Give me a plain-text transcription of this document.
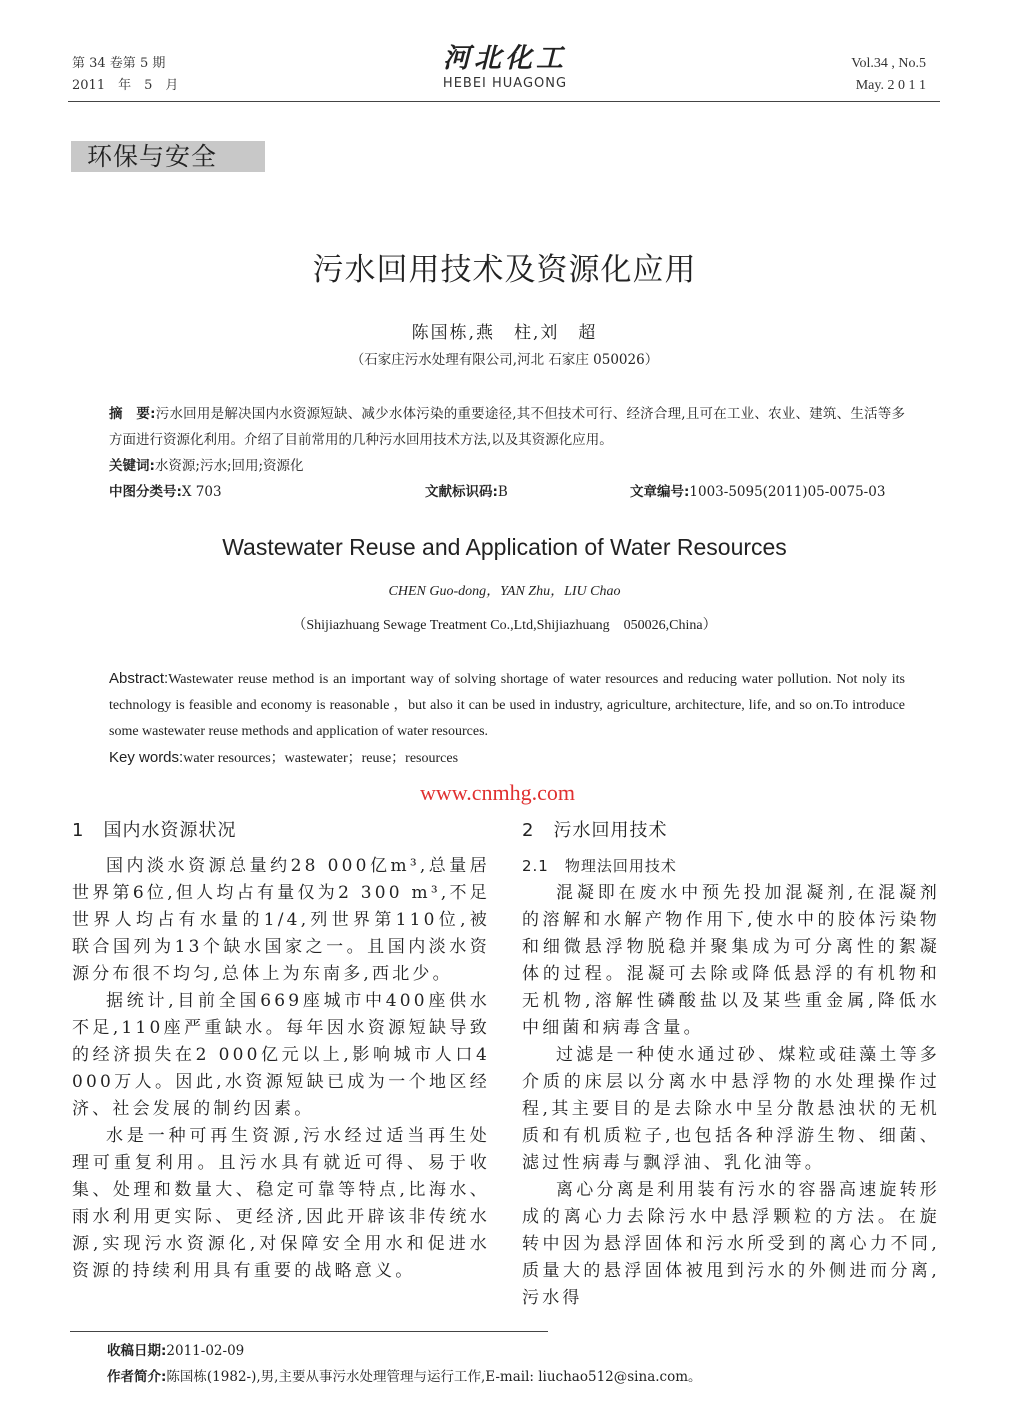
第 34 卷第 5 期
2011　年　5　月
河北化工
HEBEI HUAGONG
Vol.34 , No.5
May. 2 0 1 1
环保与安全
污水回用技术及资源化应用
陈国栋,燕　柱,刘　超
（石家庄污水处理有限公司,河北 石家庄 050026）
摘　要:污水回用是解决国内水资源短缺、减少水体污染的重要途径,其不但技术可行、经济合理,且可在工业、农业、建筑、生活等多方面进行资源化利用。介绍了目前常用的几种污水回用技术方法,以及其资源化应用。
关键词:水资源;污水;回用;资源化
中图分类号:X 703	文献标识码:B	文章编号:1003-5095(2011)05-0075-03
Wastewater Reuse and Application of Water Resources
CHEN Guo-dong，YAN Zhu，LIU Chao
（Shijiazhuang Sewage Treatment Co.,Ltd,Shijiazhuang　050026,China）
Abstract:Wastewater reuse method is an important way of solving shortage of water resources and reducing water pollution. Not noly its technology is feasible and economy is reasonable ，but also it can be used in industry, agriculture, architecture, life, and so on.To introduce some wastewater reuse methods and application of water resources.
Key words:water resources；wastewater；reuse；resources
www.cnmhg.com
1　国内水资源状况

国内淡水资源总量约28 000亿m³,总量居世界第6位,但人均占有量仅为2 300 m³,不足世界人均占有水量的1/4,列世界第110位,被联合国列为13个缺水国家之一。且国内淡水资源分布很不均匀,总体上为东南多,西北少。

据统计,目前全国669座城市中400座供水不足,110座严重缺水。每年因水资源短缺导致的经济损失在2 000亿元以上,影响城市人口4 000万人。因此,水资源短缺已成为一个地区经济、社会发展的制约因素。

水是一种可再生资源,污水经过适当再生处理可重复利用。且污水具有就近可得、易于收集、处理和数量大、稳定可靠等特点,比海水、雨水利用更实际、更经济,因此开辟该非传统水源,实现污水资源化,对保障安全用水和促进水资源的持续利用具有重要的战略意义。

2　污水回用技术
2.1　物理法回用技术

混凝即在废水中预先投加混凝剂,在混凝剂的溶解和水解产物作用下,使水中的胶体污染物和细微悬浮物脱稳并聚集成为可分离性的絮凝体的过程。混凝可去除或降低悬浮的有机物和无机物,溶解性磷酸盐以及某些重金属,降低水中细菌和病毒含量。

过滤是一种使水通过砂、煤粒或硅藻土等多介质的床层以分离水中悬浮物的水处理操作过程,其主要目的是去除水中呈分散悬浊状的无机质和有机质粒子,也包括各种浮游生物、细菌、滤过性病毒与飘浮油、乳化油等。

离心分离是利用装有污水的容器高速旋转形成的离心力去除污水中悬浮颗粒的方法。在旋转中因为悬浮固体和污水所受到的离心力不同,质量大的悬浮固体被甩到污水的外侧进而分离,污水得

收稿日期:2011-02-09
作者简介:陈国栋(1982-),男,主要从事污水处理管理与运行工作,E-mail: liuchao512@sina.com。
